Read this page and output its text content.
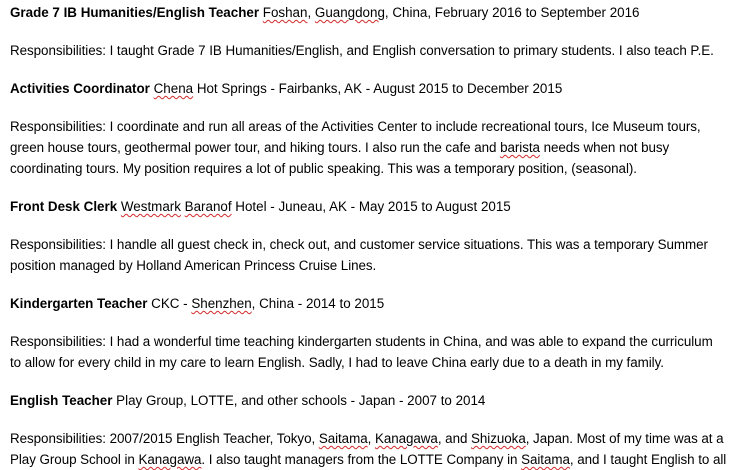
Grade 7 IB Humanities/English Teacher Foshan, Guangdong, China, February 2016 to September 2016

Responsibilities: I taught Grade 7 IB Humanities/English, and English conversation to primary students. I also teach P.E.

Activities Coordinator Chena Hot Springs - Fairbanks, AK - August 2015 to December 2015

Responsibilities: I coordinate and run all areas of the Activities Center to include recreational tours, Ice Museum tours,
green house tours, geothermal power tour, and hiking tours. I also run the cafe and barista needs when not busy
coordinating tours. My position requires a lot of public speaking. This was a temporary position, (seasonal).

Front Desk Clerk Westmark Baranof Hotel - Juneau, AK - May 2015 to August 2015

Responsibilities: I handle all guest check in, check out, and customer service situations. This was a temporary Summer
position managed by Holland American Princess Cruise Lines.

Kindergarten Teacher CKC - Shenzhen, China - 2014 to 2015

Responsibilities: I had a wonderful time teaching kindergarten students in China, and was able to expand the curriculum
to allow for every child in my care to learn English. Sadly, I had to leave China early due to a death in my family.

English Teacher Play Group, LOTTE, and other schools - Japan - 2007 to 2014

Responsibilities: 2007/2015 English Teacher, Tokyo, Saitama, Kanagawa, and Shizuoka, Japan. Most of my time was at a
Play Group School in Kanagawa. I also taught managers from the LOTTE Company in Saitama, and I taught English to all
